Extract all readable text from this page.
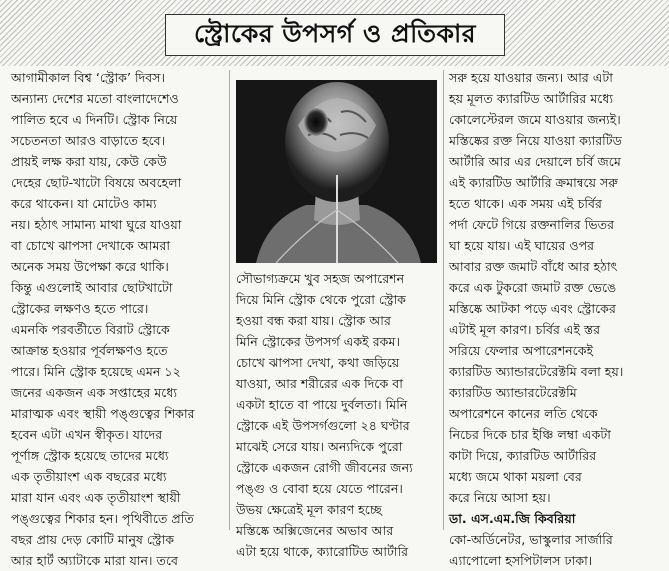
স্ট্রোকের উপসর্গ ও প্রতিকার

আগামীকাল বিশ্ব ‘স্ট্রোক’ দিবস।

অন্যান্য দেশের মতো বাংলাদেশেও

পালিত হবে এ দিনটি। স্ট্রোক নিয়ে

সচেতনতা আরও বাড়াতে হবে।

প্রায়ই লক্ষ করা যায়, কেউ কেউ

দেহের ছোট-খাটো বিষয়ে অবহেলা

করে থাকেন। যা মোটেও কাম্য

নয়। হঠাৎ সামান্য মাথা ঘুরে যাওয়া

বা চোখে ঝাপসা দেখাকে আমরা

অনেক সময় উপেক্ষা করে থাকি।

কিন্তু এগুলোই আবার ছোটখাটো

স্ট্রোকের লক্ষণও হতে পারে।

এমনকি পরবর্তীতে বিরাট স্ট্রোকে

আক্রান্ত হওয়ার পূর্বলক্ষণও হতে

পারে। মিনি স্ট্রোক হয়েছে এমন ১২

জনের একজন এক সপ্তাহের মধ্যে

মারাত্মক এবং স্থায়ী পঙ্গুত্বের শিকার

হবেন এটা এখন স্বীকৃত। যাদের

পূর্ণাঙ্গ স্ট্রোক হয়েছে তাদের মধ্যে

এক তৃতীয়াংশ এক বছরের মধ্যে

মারা যান এবং এক তৃতীয়াংশ স্থায়ী

পঙ্গুত্বের শিকার হন। পৃথিবীতে প্রতি

বছর প্রায় দেড় কোটি মানুষ স্ট্রোক

আর হার্ট অ্যাটাকে মারা যান। তবে

সৌভাগ্যক্রমে খুব সহজ অপারেশন

দিয়ে মিনি স্ট্রোক থেকে পুরো স্ট্রোক

হওয়া বন্ধ করা যায়। স্ট্রোক আর

মিনি স্ট্রোকের উপসর্গ একই রকম।

চোখে ঝাপসা দেখা, কথা জড়িয়ে

যাওয়া, আর শরীরের এক দিকে বা

একটা হাতে বা পায়ে দুর্বলতা। মিনি

স্ট্রোকে এই উপসর্গগুলো ২৪ ঘণ্টার

মাঝেই সেরে যায়। অন্যদিকে পুরো

স্ট্রোকে একজন রোগী জীবনের জন্য

পঙ্গু ও বোবা হয়ে যেতে পারেন।

উভয় ক্ষেত্রেই মূল কারণ হচ্ছে

মস্তিষ্কে অক্সিজেনের অভাব আর

এটা হয়ে থাকে, ক্যারোটিড আর্টারি

সরু হয়ে যাওয়ার জন্য। আর এটা

হয় মূলত ক্যারটিড আর্টারির মধ্যে

কোলেস্টেরল জমে যাওয়ার জন্যই।

মস্তিষ্কের রক্ত নিয়ে যাওয়া ক্যারটিড

আর্টারি আর এর দেয়ালে চর্বি জমে

এই ক্যারটিড আর্টারি ক্রমান্বয়ে সরু

হতে থাকে। এক সময় এই চর্বির

পর্দা ফেটে গিয়ে রক্তনালির ভিতর

ঘা হয়ে যায়। এই ঘায়ের ওপর

আবার রক্ত জমাট বাঁধে আর হঠাৎ

করে এক টুকরো জমাট রক্ত ভেঙে

মস্তিষ্কে আটকা পড়ে এবং স্ট্রোকের

এটাই মূল কারণ। চর্বির এই স্তর

সরিয়ে ফেলার অপারেশনকেই

ক্যারটিড অ্যান্ডারটেরেক্টমি বলা হয়।

ক্যারটিড অ্যান্ডারটেরেক্টমি

অপারেশনে কানের লতি থেকে

নিচের দিকে চার ইঞ্চি লম্বা একটা

কাটা দিয়ে, ক্যারটিড আর্টারির

মধ্যে জমে থাকা ময়লা বের

করে নিয়ে আসা হয়।

ডা. এস.এম.জি কিবরিয়া

কো-অর্ডিনেটর, ভাস্কুলার সার্জারি

এ্যাপোলো হসপিটালস ঢাকা।
